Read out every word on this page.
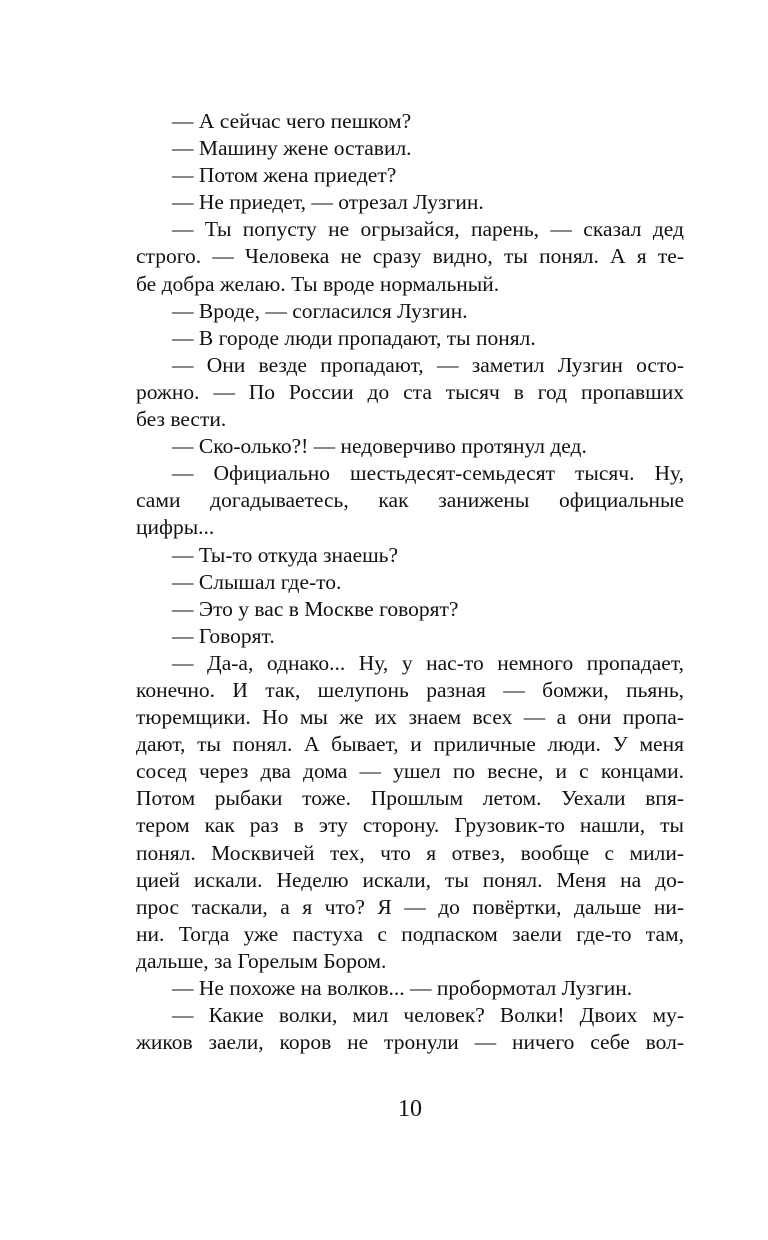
— А сейчас чего пешком?
— Машину жене оставил.
— Потом жена приедет?
— Не приедет, — отрезал Лузгин.
— Ты попусту не огрызайся, парень, — сказал дед
строго. — Человека не сразу видно, ты понял. А я те-
бе добра желаю. Ты вроде нормальный.
— Вроде, — согласился Лузгин.
— В городе люди пропадают, ты понял.
— Они везде пропадают, — заметил Лузгин осто-
рожно. — По России до ста тысяч в год пропавших
без вести.
— Ско-олько?! — недоверчиво протянул дед.
— Официально шестьдесят-семьдесят тысяч. Ну,
сами догадываетесь, как занижены официальные
цифры...
— Ты-то откуда знаешь?
— Слышал где-то.
— Это у вас в Москве говорят?
— Говорят.
— Да-а, однако... Ну, у нас-то немного пропадает,
конечно. И так, шелупонь разная — бомжи, пьянь,
тюремщики. Но мы же их знаем всех — а они пропа-
дают, ты понял. А бывает, и приличные люди. У меня
сосед через два дома — ушел по весне, и с концами.
Потом рыбаки тоже. Прошлым летом. Уехали впя-
тером как раз в эту сторону. Грузовик-то нашли, ты
понял. Москвичей тех, что я отвез, вообще с мили-
цией искали. Неделю искали, ты понял. Меня на до-
прос таскали, а я что? Я — до повёртки, дальше ни-
ни. Тогда уже пастуха с подпаском заели где-то там,
дальше, за Горелым Бором.
— Не похоже на волков... — пробормотал Лузгин.
— Какие волки, мил человек? Волки! Двоих му-
жиков заели, коров не тронули — ничего себе вол-
10
